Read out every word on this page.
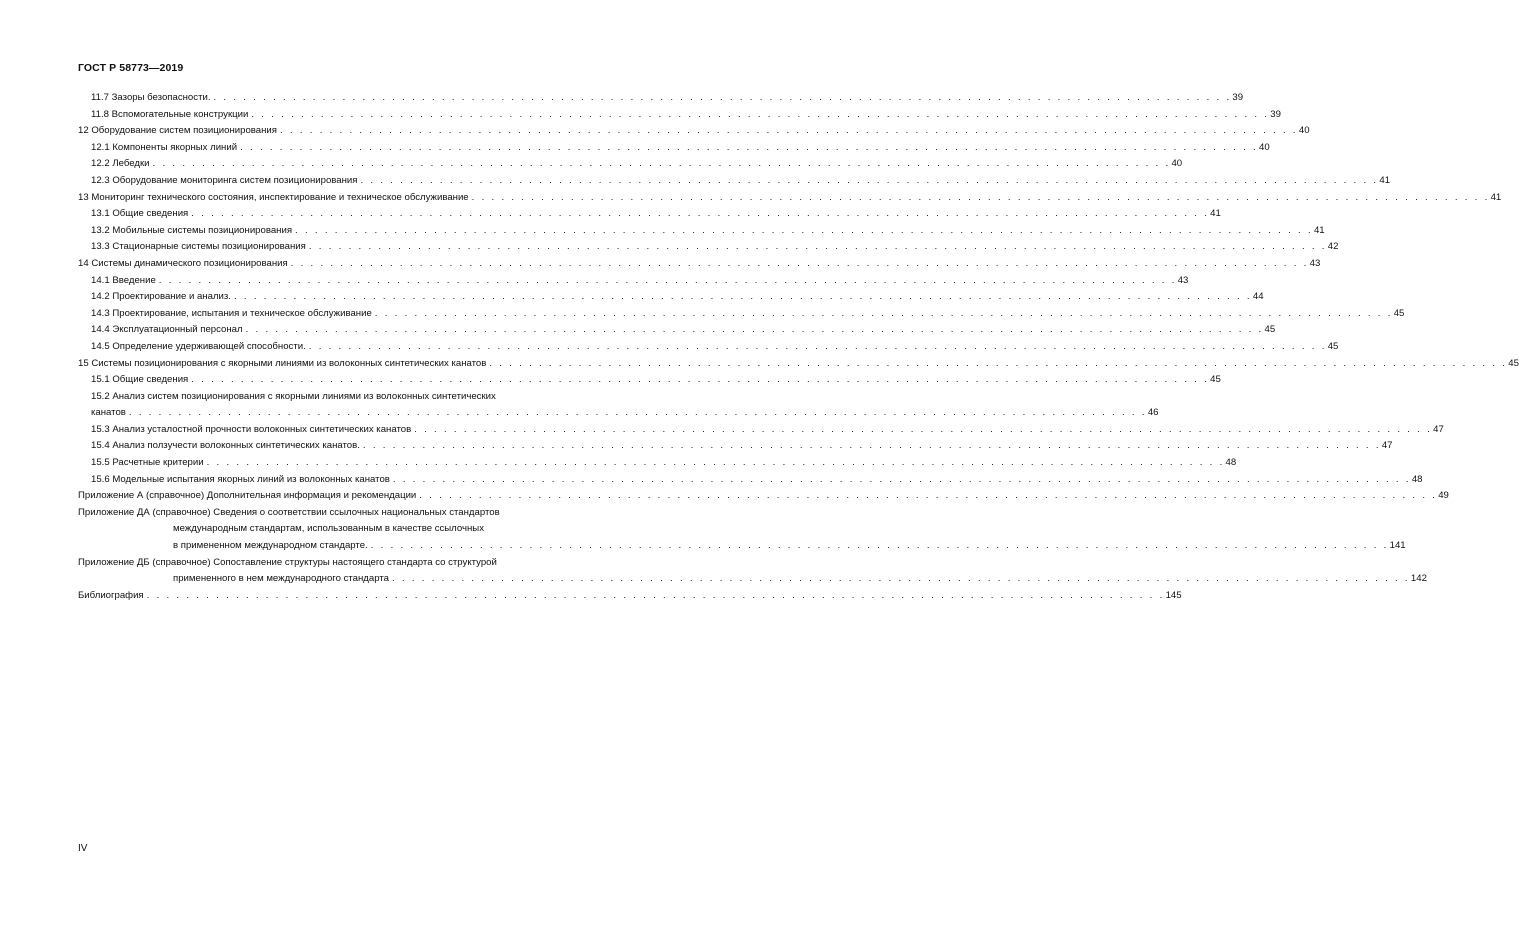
ГОСТ Р 58773—2019
11.7 Зазоры безопасности. . . . . . . . . . . . . . . . . . . . . . . . . . . . . . . . . . . . . . . . . . . . . . . . . . . . . . . . . . . . . . . . . . . . . . . . . . . . . . . . . . . . . . . . . . . . . . . . . . . . . . . . 39
11.8 Вспомогательные конструкции . . . . . . . . . . . . . . . . . . . . . . . . . . . . . . . . . . . . . . . . . . . . . . . . . . . . . . . . . . . . . . . . . . . . . . . . . . . . . . . . . . . . . . . . . . . . . . . . . . . . . . . 39
12 Оборудование систем позиционирования . . . . . . . . . . . . . . . . . . . . . . . . . . . . . . . . . . . . . . . . . . . . . . . . . . . . . . . . . . . . . . . . . . . . . . . . . . . . . . . . . . . . . . . . . . . . . . . . . . . . . . . 40
12.1 Компоненты якорных линий . . . . . . . . . . . . . . . . . . . . . . . . . . . . . . . . . . . . . . . . . . . . . . . . . . . . . . . . . . . . . . . . . . . . . . . . . . . . . . . . . . . . . . . . . . . . . . . . . . . . . . . 40
12.2 Лебедки . . . . . . . . . . . . . . . . . . . . . . . . . . . . . . . . . . . . . . . . . . . . . . . . . . . . . . . . . . . . . . . . . . . . . . . . . . . . . . . . . . . . . . . . . . . . . . . . . . . . . . . 40
12.3 Оборудование мониторинга систем позиционирования . . . . . . . . . . . . . . . . . . . . . . . . . . . . . . . . . . . . . . . . . . . . . . . . . . . . . . . . . . . . . . . . . . . . . . . . . . . . . . . . . . . . . . . . . . . . . . . . . . . . . . . 41
13 Мониторинг технического состояния, инспектирование и техническое обслуживание . . . . . . . . . . . . . . . . . . . . . . . . . . . . . . . . . . . . . . . . . . . . . . . . . . . . . . . . . . . . . . . . . . . . . . . . . . . . . . . . . . . . . . . . . . . . . . . . . . . . . . . 41
13.1 Общие сведения . . . . . . . . . . . . . . . . . . . . . . . . . . . . . . . . . . . . . . . . . . . . . . . . . . . . . . . . . . . . . . . . . . . . . . . . . . . . . . . . . . . . . . . . . . . . . . . . . . . . . . . 41
13.2 Мобильные системы позиционирования . . . . . . . . . . . . . . . . . . . . . . . . . . . . . . . . . . . . . . . . . . . . . . . . . . . . . . . . . . . . . . . . . . . . . . . . . . . . . . . . . . . . . . . . . . . . . . . . . . . . . . . 41
13.3 Стационарные системы позиционирования . . . . . . . . . . . . . . . . . . . . . . . . . . . . . . . . . . . . . . . . . . . . . . . . . . . . . . . . . . . . . . . . . . . . . . . . . . . . . . . . . . . . . . . . . . . . . . . . . . . . . . . 42
14 Системы динамического позиционирования . . . . . . . . . . . . . . . . . . . . . . . . . . . . . . . . . . . . . . . . . . . . . . . . . . . . . . . . . . . . . . . . . . . . . . . . . . . . . . . . . . . . . . . . . . . . . . . . . . . . . . . 43
14.1 Введение . . . . . . . . . . . . . . . . . . . . . . . . . . . . . . . . . . . . . . . . . . . . . . . . . . . . . . . . . . . . . . . . . . . . . . . . . . . . . . . . . . . . . . . . . . . . . . . . . . . . . . . 43
14.2 Проектирование и анализ. . . . . . . . . . . . . . . . . . . . . . . . . . . . . . . . . . . . . . . . . . . . . . . . . . . . . . . . . . . . . . . . . . . . . . . . . . . . . . . . . . . . . . . . . . . . . . . . . . . . . . . . 44
14.3 Проектирование, испытания и техническое обслуживание . . . . . . . . . . . . . . . . . . . . . . . . . . . . . . . . . . . . . . . . . . . . . . . . . . . . . . . . . . . . . . . . . . . . . . . . . . . . . . . . . . . . . . . . . . . . . . . . . . . . . . . 45
14.4 Эксплуатационный персонал . . . . . . . . . . . . . . . . . . . . . . . . . . . . . . . . . . . . . . . . . . . . . . . . . . . . . . . . . . . . . . . . . . . . . . . . . . . . . . . . . . . . . . . . . . . . . . . . . . . . . . . 45
14.5 Определение удерживающей способности. . . . . . . . . . . . . . . . . . . . . . . . . . . . . . . . . . . . . . . . . . . . . . . . . . . . . . . . . . . . . . . . . . . . . . . . . . . . . . . . . . . . . . . . . . . . . . . . . . . . . . . . 45
15 Системы позиционирования с якорными линиями из волоконных синтетических канатов . . . . . . . . . . . . . . . . . . . . . . . . . . . . . . . . . . . . . . . . . . . . . . . . . . . . . . . . . . . . . . . . . . . . . . . . . . . . . . . . . . . . . . . . . . . . . . . . . . . . . . . 45
15.1 Общие сведения . . . . . . . . . . . . . . . . . . . . . . . . . . . . . . . . . . . . . . . . . . . . . . . . . . . . . . . . . . . . . . . . . . . . . . . . . . . . . . . . . . . . . . . . . . . . . . . . . . . . . . . 45
15.2 Анализ систем позиционирования с якорными линиями из волоконных синтетических
канатов . . . . . . . . . . . . . . . . . . . . . . . . . . . . . . . . . . . . . . . . . . . . . . . . . . . . . . . . . . . . . . . . . . . . . . . . . . . . . . . . . . . . . . . . . . . . . . . . . . . . . . . 46
15.3 Анализ усталостной прочности волоконных синтетических канатов . . . . . . . . . . . . . . . . . . . . . . . . . . . . . . . . . . . . . . . . . . . . . . . . . . . . . . . . . . . . . . . . . . . . . . . . . . . . . . . . . . . . . . . . . . . . . . . . . . . . . . . 47
15.4 Анализ ползучести волоконных синтетических канатов. . . . . . . . . . . . . . . . . . . . . . . . . . . . . . . . . . . . . . . . . . . . . . . . . . . . . . . . . . . . . . . . . . . . . . . . . . . . . . . . . . . . . . . . . . . . . . . . . . . . . . . . 47
15.5 Расчетные критерии . . . . . . . . . . . . . . . . . . . . . . . . . . . . . . . . . . . . . . . . . . . . . . . . . . . . . . . . . . . . . . . . . . . . . . . . . . . . . . . . . . . . . . . . . . . . . . . . . . . . . . . 48
15.6 Модельные испытания якорных линий из волоконных канатов . . . . . . . . . . . . . . . . . . . . . . . . . . . . . . . . . . . . . . . . . . . . . . . . . . . . . . . . . . . . . . . . . . . . . . . . . . . . . . . . . . . . . . . . . . . . . . . . . . . . . . . 48
Приложение А (справочное) Дополнительная информация и рекомендации . . . . . . . . . . . . . . . . . . . . . . . . . . . . . . . . . . . . . . . . . . . . . . . . . . . . . . . . . . . . . . . . . . . . . . . . . . . . . . . . . . . . . . . . . . . . . . . . . . . . . . . 49
Приложение ДА (справочное) Сведения о соответствии ссылочных национальных стандартов
международным стандартам, использованным в качестве ссылочных
в примененном международном стандарте. . . . . . . . . . . . . . . . . . . . . . . . . . . . . . . . . . . . . . . . . . . . . . . . . . . . . . . . . . . . . . . . . . . . . . . . . . . . . . . . . . . . . . . . . . . . . . . . . . . . . . . . 141
Приложение ДБ (справочное) Сопоставление структуры настоящего стандарта со структурой
примененного в нем международного стандарта . . . . . . . . . . . . . . . . . . . . . . . . . . . . . . . . . . . . . . . . . . . . . . . . . . . . . . . . . . . . . . . . . . . . . . . . . . . . . . . . . . . . . . . . . . . . . . . . . . . . . . . 142
Библиография . . . . . . . . . . . . . . . . . . . . . . . . . . . . . . . . . . . . . . . . . . . . . . . . . . . . . . . . . . . . . . . . . . . . . . . . . . . . . . . . . . . . . . . . . . . . . . . . . . . . . . . 145
IV
